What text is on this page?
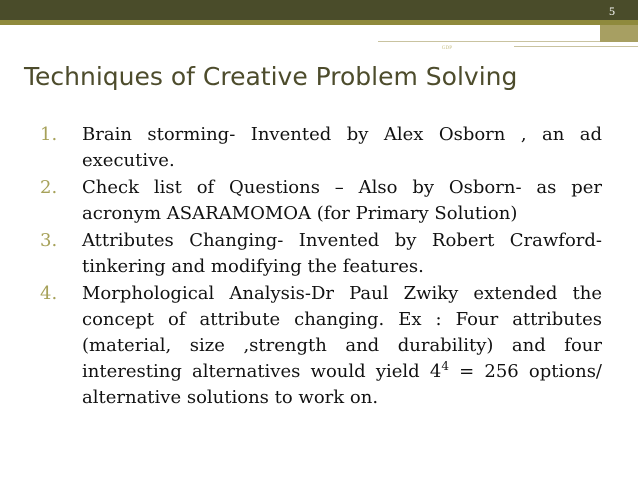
5
GDP
Techniques of Creative Problem Solving
1.	Brain storming- Invented by Alex Osborn , an ad executive.
2.	Check list of Questions – Also by Osborn- as per acronym ASARAMOMOA (for Primary Solution)
3.	Attributes Changing- Invented by Robert Crawford- tinkering and modifying the features.
4.	Morphological Analysis-Dr Paul Zwiky extended the concept of attribute changing. Ex : Four attributes (material, size ,strength and durability) and four interesting alternatives would yield $4^4 = 256$ options/ alternative solutions to work on.
